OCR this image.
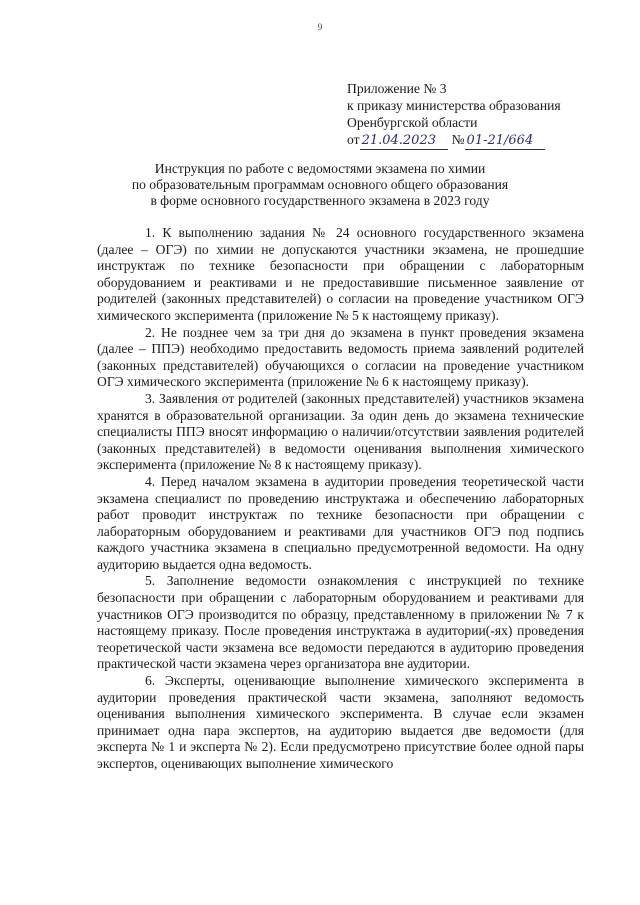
9
Приложение № 3
к приказу министерства образования
Оренбургской области
от 21.04.2023	№ 01-21/664
Инструкция по работе с ведомостями экзамена по химии
по образовательным программам основного общего образования
в форме основного государственного экзамена в 2023 году

1. К выполнению задания № 24 основного государственного экзамена (далее – ОГЭ) по химии не допускаются участники экзамена, не прошедшие инструктаж по технике безопасности при обращении с лабораторным оборудованием и реактивами и не предоставившие письменное заявление от родителей (законных представителей) о согласии на проведение участником ОГЭ химического эксперимента (приложение № 5 к настоящему приказу).

2. Не позднее чем за три дня до экзамена в пункт проведения экзамена (далее – ППЭ) необходимо предоставить ведомость приема заявлений родителей (законных представителей) обучающихся о согласии на проведение участником ОГЭ химического эксперимента (приложение № 6 к настоящему приказу).

3. Заявления от родителей (законных представителей) участников экзамена хранятся в образовательной организации. За один день до экзамена технические специалисты ППЭ вносят информацию о наличии/отсутствии заявления родителей (законных представителей) в ведомости оценивания выполнения химического эксперимента (приложение № 8 к настоящему приказу).

4. Перед началом экзамена в аудитории проведения теоретической части экзамена специалист по проведению инструктажа и обеспечению лабораторных работ проводит инструктаж по технике безопасности при обращении с лабораторным оборудованием и реактивами для участников ОГЭ под подпись каждого участника экзамена в специально предусмотренной ведомости. На одну аудиторию выдается одна ведомость.

5. Заполнение ведомости ознакомления с инструкцией по технике безопасности при обращении с лабораторным оборудованием и реактивами для участников ОГЭ производится по образцу, представленному в приложении № 7 к настоящему приказу. После проведения инструктажа в аудитории(-ях) проведения теоретической части экзамена все ведомости передаются в аудиторию проведения практической части экзамена через организатора вне аудитории.

6. Эксперты, оценивающие выполнение химического эксперимента в аудитории проведения практической части экзамена, заполняют ведомость оценивания выполнения химического эксперимента. В случае если экзамен принимает одна пара экспертов, на аудиторию выдается две ведомости (для эксперта № 1 и эксперта № 2). Если предусмотрено присутствие более одной пары экспертов, оценивающих выполнение химического
